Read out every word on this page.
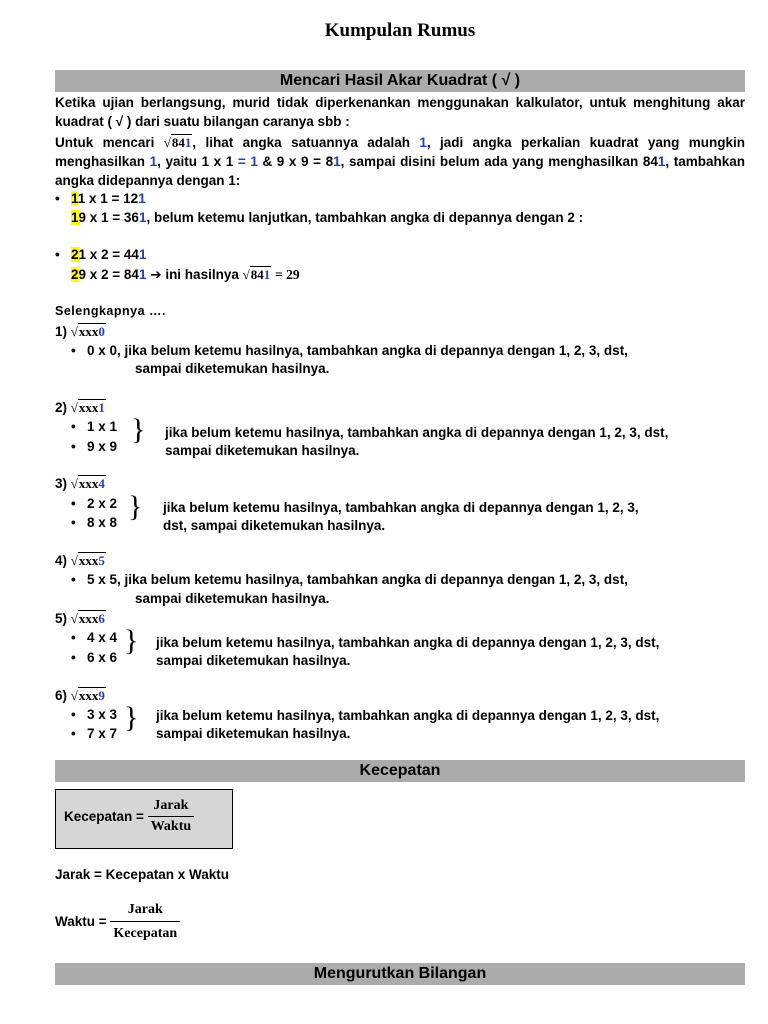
Kumpulan Rumus
Mencari Hasil Akar Kuadrat ( √ )
Ketika ujian berlangsung, murid tidak diperkenankan menggunakan kalkulator, untuk menghitung akar kuadrat ( √ ) dari suatu bilangan caranya sbb :
Untuk mencari √841, lihat angka satuannya adalah 1, jadi angka perkalian kuadrat yang mungkin menghasilkan 1, yaitu 1 x 1 = 1 & 9 x 9 = 81, sampai disini belum ada yang menghasilkan 841, tambahkan angka didepannya dengan 1:
• 11 x 1 = 121
19 x 1 = 361, belum ketemu lanjutkan, tambahkan angka di depannya dengan 2 :
• 21 x 2 = 441
29 x 2 = 841 ➔ ini hasilnya √841 = 29
Selengkapnya ….
1) √xxx0
• 0 x 0, jika belum ketemu hasilnya, tambahkan angka di depannya dengan 1, 2, 3, dst,
sampai diketemukan hasilnya.
2) √xxx1
• 1 x 1
• 9 x 9
} jika belum ketemu hasilnya, tambahkan angka di depannya dengan 1, 2, 3, dst,
sampai diketemukan hasilnya.
3) √xxx4
• 2 x 2
• 8 x 8 } jika belum ketemu hasilnya, tambahkan angka di depannya dengan 1, 2, 3,
dst, sampai diketemukan hasilnya.
4) √xxx5
• 5 x 5, jika belum ketemu hasilnya, tambahkan angka di depannya dengan 1, 2, 3, dst,
sampai diketemukan hasilnya.
5) √xxx6
• 4 x 4
• 6 x 6
} jika belum ketemu hasilnya, tambahkan angka di depannya dengan 1, 2, 3, dst,
sampai diketemukan hasilnya.
6) √xxx9
• 3 x 3
• 7 x 7 } jika belum ketemu hasilnya, tambahkan angka di depannya dengan 1, 2, 3, dst,
sampai diketemukan hasilnya.
Kecepatan
Kecepatan = $\frac{\text{Jarak}}{\text{Waktu}}$
Jarak = Kecepatan x Waktu
Waktu = $\frac{\text{Jarak}}{\text{Kecepatan}}$
Mengurutkan Bilangan
